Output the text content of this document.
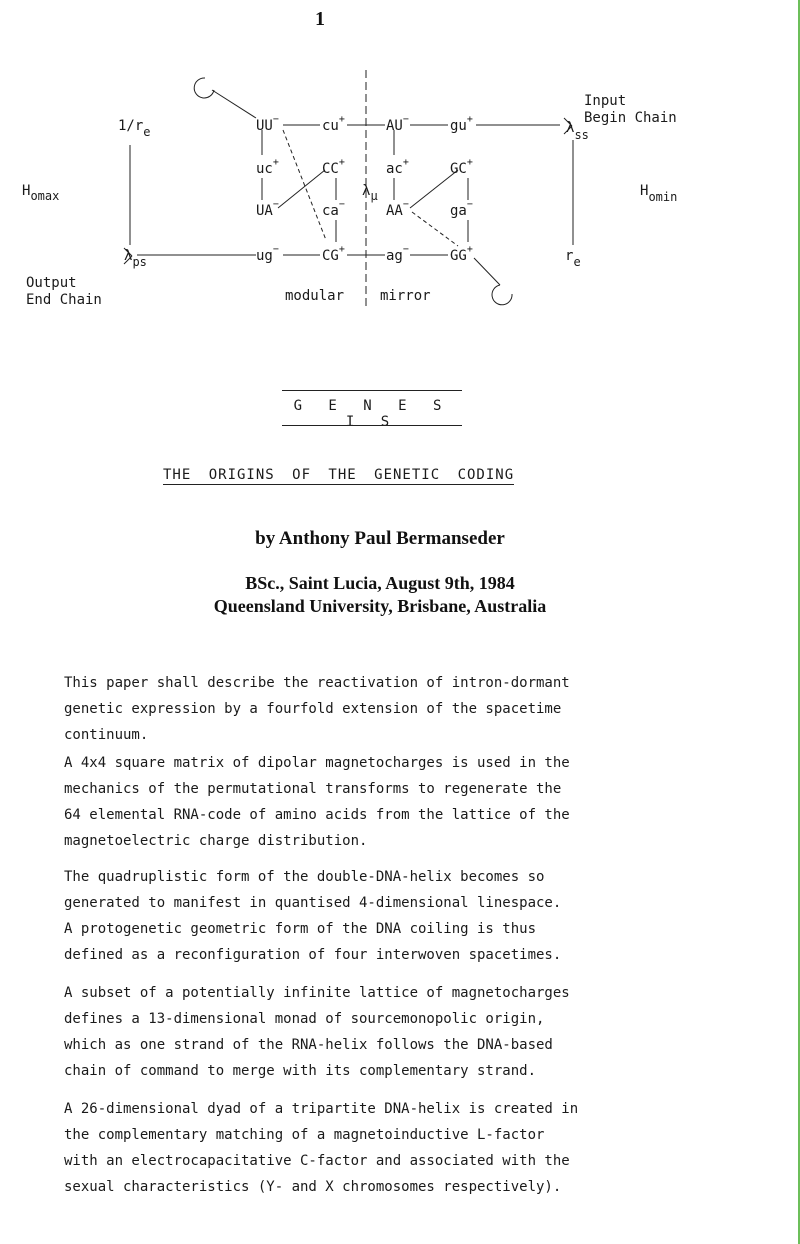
1
1/re
Homax	Homin
λps
λss
re
λμ
Input
Begin Chain
Output
End Chain	modular	mirror
UU−	cu+	AU−	gu+
uc+	CC+	ac+	GC+
UA−	ca−	AA−	ga−
ug−	CG+	ag−	GG+
G E N E S I S
THE ORIGINS OF THE GENETIC CODING
by Anthony Paul Bermanseder
BSc., Saint Lucia, August 9th, 1984
Queensland University, Brisbane, Australia
This paper shall describe the reactivation of intron-dormant
genetic expression by a fourfold extension of the spacetime
continuum.
A 4x4 square matrix of dipolar magnetocharges is used in the
mechanics of the permutational transforms to regenerate the
64 elemental RNA-code of amino acids from the lattice of the
magnetoelectric charge distribution.
The quadruplistic form of the double-DNA-helix becomes so
generated to manifest in quantised 4-dimensional linespace.
A protogenetic geometric form of the DNA coiling is thus
defined as a reconfiguration of four interwoven spacetimes.
A subset of a potentially infinite lattice of magnetocharges
defines a 13-dimensional monad of sourcemonopolic origin,
which as one strand of the RNA-helix follows the DNA-based
chain of command to merge with its complementary strand.
A 26-dimensional dyad of a tripartite DNA-helix is created in
the complementary matching of a magnetoinductive L-factor
with an electrocapacitative C-factor and associated with the
sexual characteristics (Y- and X chromosomes respectively).
